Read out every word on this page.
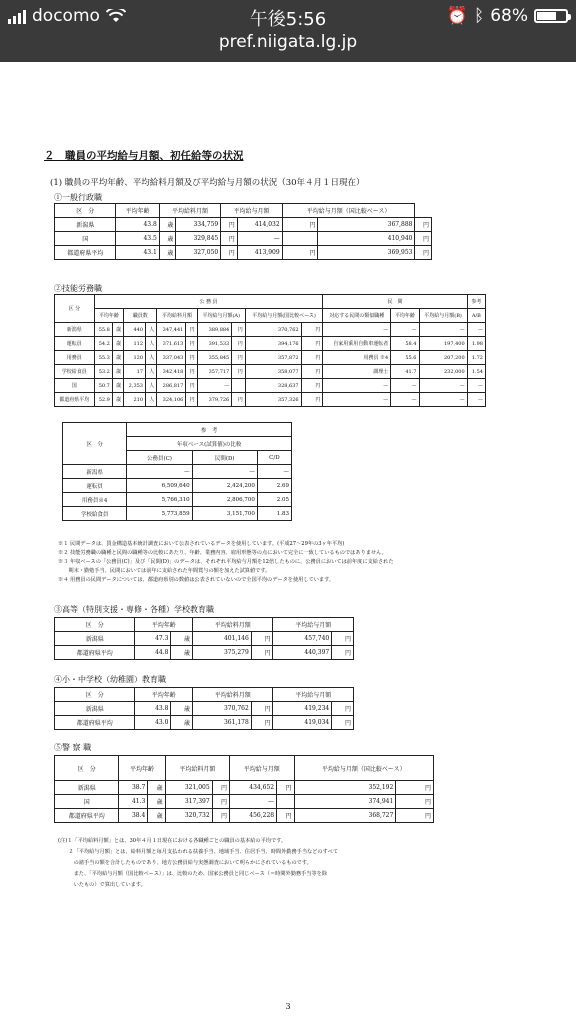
docomo	午後5:56	⏰ ᛒ 68%
pref.niigata.lg.jp
２　職員の平均給与月額、初任給等の状況
(1) 職員の平均年齢、平均給料月額及び平均給与月額の状況（30年４月１日現在）
①一般行政職
区　分	平均年齢	平均給料月額		平均給与月額		平均給与月額（国比較ベース）		
新潟県	43.8	歳	334,759	円	414,032	円	367,888	円
国	43.5	歳	329,845	円	—		410,940	円
都道府県平均	43.1	歳	327,050	円	413,909	円	369,953	円
②技能労務職
区 分	公 務 員										民　間			参考
	平均年齢		職員数		平均給料月額		平均給与月額(A)		平均給与月額(国比較ベース)		対応する民間の類似職種	平均年齢	平均給与月額(B)	A/B
新潟県	55.8	歳	440	人	347,441	円	389,884	円	370,762	円	—	—	—	—
運転員	54.2	歳	112	人	371,613	円	391,533	円	394,176	円	自家用乗用自動車運転者	58.4	197,400	1.98
用務員	55.3	歳	120	人	337,043	円	355,845	円	357,872	円	用務員 ※4	55.6	207,200	1.72
学校給食員	53.2	歳	17	人	342,418	円	357,717	円	358,077	円	調理士	41.7	232,000	1.54
国	50.7	歳	2,353	人	286,817	円	—		328,637	円	—	—	—	—
都道府県平均	52.9	歳	210	人	324,106	円	379,726	円	357,326	円	—	—	—	—
区　分	参　考		
	年収ベース(試算値)の比較		
	公務員(C)	民間(D)	C/D
新潟県	—	—	—
運転員	6,509,640	2,424,200	2.69
用務員※4	5,766,310	2,806,700	2.05
学校給食員	5,773,859	3,151,700	1.83
※１ 民間データは、賃金構造基本統計調査において公表されているデータを使用しています。(平成27～29年の3ヶ年平均)
※２ 技能労務職の職種と民間の職種等の比較にあたり、年齢、業務内容、雇用形態等の点において完全に一致しているものではありません。
※３ 年収ベースの「公務員(C)」及び「民間(D)」のデータは、それぞれ平均給与月額を12倍したものに、公務員においては前年度に支給された
　　期末・勤勉手当、民間においては前年に支給された年間賞与の額を加えた試算値です。
※４ 用務員の民間データについては、都道府県別の数値は公表されていないので全国平均のデータを使用しています。
③高等（特別支援・専修・各種）学校教育職
区　分	平均年齢		平均給料月額		平均給与月額	
新潟県	47.3	歳	401,146	円	457,740	円
都道府県平均	44.8	歳	375,279	円	440,397	円
④小・中学校（幼稚園）教育職
区　分	平均年齢		平均給料月額		平均給与月額	
新潟県	43.8	歳	370,762	円	419,234	円
都道府県平均	43.0	歳	361,178	円	419,034	円
⑤警 察 職
区　分	平均年齢		平均給料月額		平均給与月額		平均給与月額（国比較ベース）	
新潟県	38.7	歳	321,005	円	434,652	円	352,192	円
国	41.3	歳	317,397	円	—		374,941	円
都道府県平均	38.4	歳	320,732	円	456,228	円	368,727	円
(注)１「平均給料月額」とは、30年４月１日現在における各職種ごとの職員の基本給の平均です。
　　２「平均給与月額」とは、給料月額と毎月支払われる扶養手当、地域手当、住居手当、時間外勤務手当などのすべて
　　　の諸手当の額を合計したものであり、地方公務員給与実態調査において明らかにされているものです。
　　　また、「平均給与月額（国比較ベース）」は、比較のため、国家公務員と同じベース（＝時間外勤務手当等を除
　　　いたもの）で算出しています。
3
